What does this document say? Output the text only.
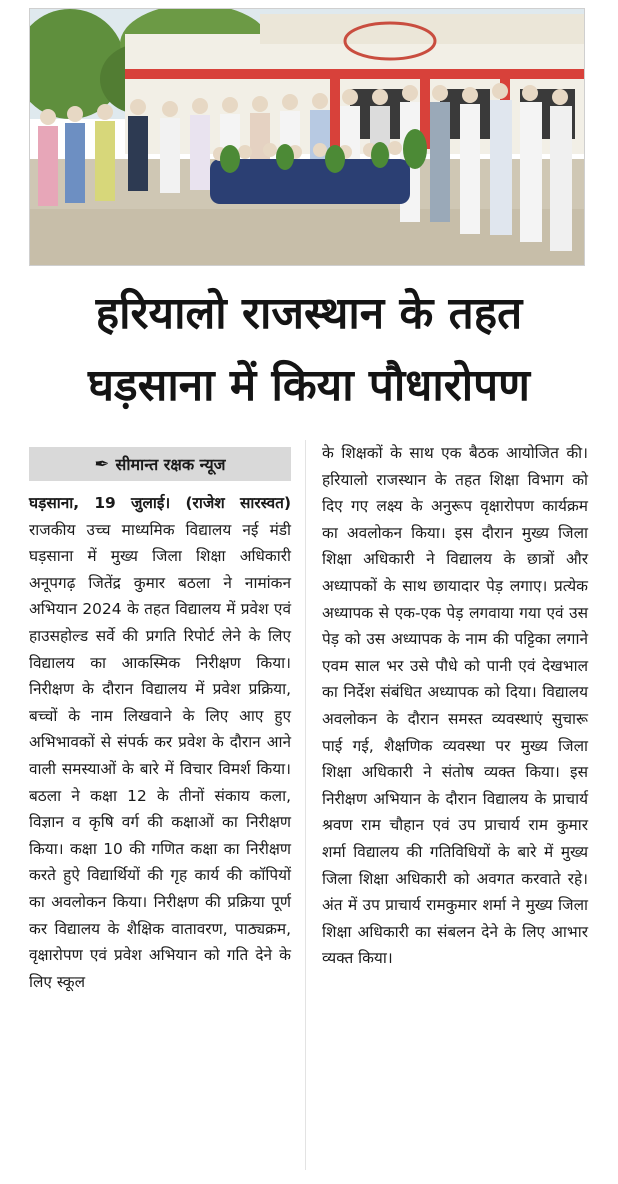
हरियालो राजस्थान के तहत
घड़साना में किया पौधारोपण
✒ सीमान्त रक्षक न्यूज
घड़साना, 19 जुलाई। (राजेश सारस्वत) राजकीय उच्च माध्यमिक विद्यालय नई मंडी घड़साना में मुख्य जिला शिक्षा अधिकारी अनूपगढ़ जितेंद्र कुमार बठला ने नामांकन अभियान 2024 के तहत विद्यालय में प्रवेश एवं हाउसहोल्ड सर्वे की प्रगति रिपोर्ट लेने के लिए विद्यालय का आकस्मिक निरीक्षण किया। निरीक्षण के दौरान विद्यालय में प्रवेश प्रक्रिया, बच्चों के नाम लिखवाने के लिए आए हुए अभिभावकों से संपर्क कर प्रवेश के दौरान आने वाली समस्याओं के बारे में विचार विमर्श किया। बठला ने कक्षा 12 के तीनों संकाय कला, विज्ञान व कृषि वर्ग की कक्षाओं का निरीक्षण किया। कक्षा 10 की गणित कक्षा का निरीक्षण करते हुऐ विद्यार्थियों की गृह कार्य की कॉपियों का अवलोकन किया। निरीक्षण की प्रक्रिया पूर्ण कर विद्यालय के शैक्षिक वातावरण, पाठ्यक्रम, वृक्षारोपण एवं प्रवेश अभियान को गति देने के लिए स्कूल
के शिक्षकों के साथ एक बैठक आयोजित की। हरियालो राजस्थान के तहत शिक्षा विभाग को दिए गए लक्ष्य के अनुरूप वृक्षारोपण कार्यक्रम का अवलोकन किया। इस दौरान मुख्य जिला शिक्षा अधिकारी ने विद्यालय के छात्रों और अध्यापकों के साथ छायादार पेड़ लगाए। प्रत्येक अध्यापक से एक-एक पेड़ लगवाया गया एवं उस पेड़ को उस अध्यापक के नाम की पट्टिका लगाने एवम साल भर उसे पौधे को पानी एवं देखभाल का निर्देश संबंधित अध्यापक को दिया। विद्यालय अवलोकन के दौरान समस्त व्यवस्थाएं सुचारू पाई गई, शैक्षणिक व्यवस्था पर मुख्य जिला शिक्षा अधिकारी ने संतोष व्यक्त किया। इस निरीक्षण अभियान के दौरान विद्यालय के प्राचार्य श्रवण राम चौहान एवं उप प्राचार्य राम कुमार शर्मा विद्यालय की गतिविधियों के बारे में मुख्य जिला शिक्षा अधिकारी को अवगत करवाते रहे। अंत में उप प्राचार्य रामकुमार शर्मा ने मुख्य जिला शिक्षा अधिकारी का संबलन देने के लिए आभार व्यक्त किया।
